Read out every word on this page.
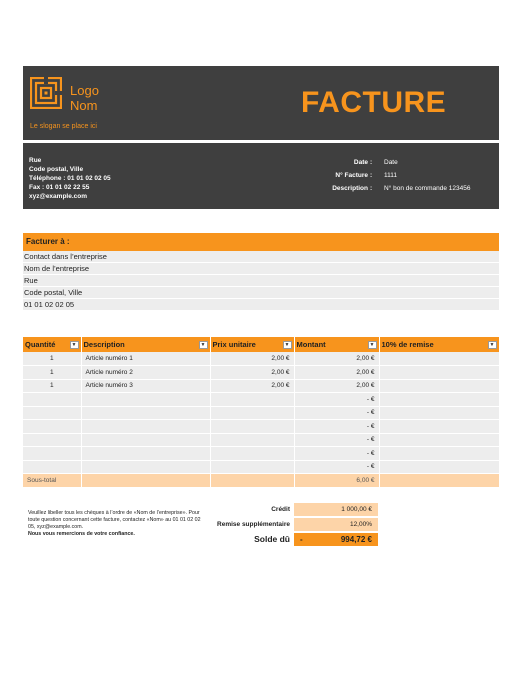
Logo
Nom
Le slogan se place ici
FACTURE
Rue
Code postal, Ville
Téléphone : 01 01 02 02 05
Fax : 01 01 02 22 55
xyz@example.com
Date :	Date
N° Facture :	1111
Description :	N° bon de commande 123456
Facturer à :
Contact dans l’entreprise
Nom de l’entreprise
Rue
Code postal, Ville
01 01 02 02 05
Quantité ▼	Description ▼	Prix unitaire ▼	Montant ▼	10% de remise ▼

1	Article numéro 1	2,00 €	2,00 €	
1	Article numéro 2	2,00 €	2,00 €	
1	Article numéro 3	2,00 €	2,00 €	
			- €	
			- €	
			- €	
			- €	
			- €	
			- €	
Sous-total			6,00 €	
Veuillez libeller tous les chèques à l’ordre de «Nom de l’entreprise». Pour toute question concernant cette facture, contactez «Nom» au 01 01 02 02 05, xyz@example.com.
Nous vous remercions de votre confiance.
Crédit	1 000,00 €
Remise supplémentaire	12,00%
Solde dû	-	994,72 €
